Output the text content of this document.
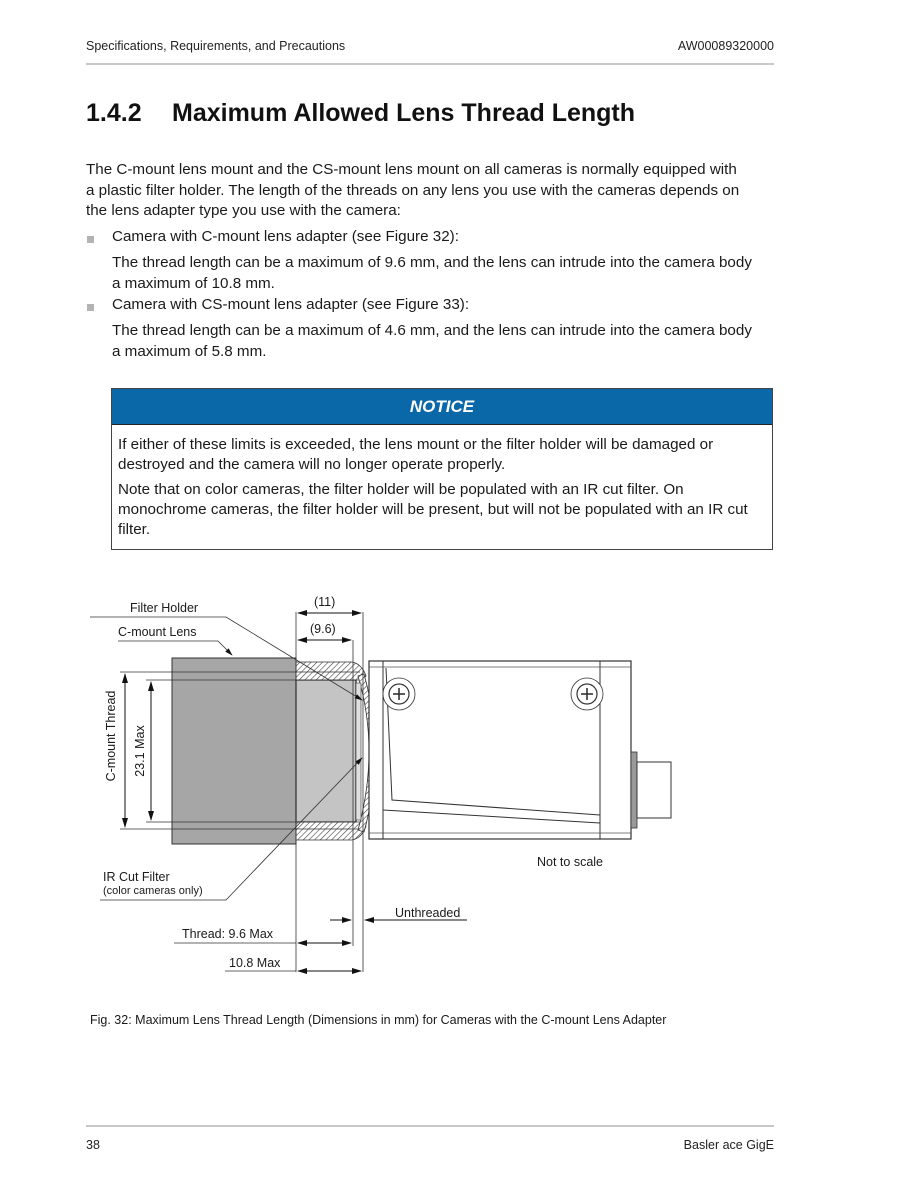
Specifications, Requirements, and Precautions	AW00089320000
1.4.2 Maximum Allowed Lens Thread Length
The C-mount lens mount and the CS-mount lens mount on all cameras is normally equipped with
a plastic filter holder. The length of the threads on any lens you use with the cameras depends on
the lens adapter type you use with the camera:
Camera with C-mount lens adapter (see Figure 32):
The thread length can be a maximum of 9.6 mm, and the lens can intrude into the camera body
a maximum of 10.8 mm.
Camera with CS-mount lens adapter (see Figure 33):
The thread length can be a maximum of 4.6 mm, and the lens can intrude into the camera body
a maximum of 5.8 mm.
NOTICE

If either of these limits is exceeded, the lens mount or the filter holder will be damaged or destroyed and the camera will no longer operate properly.

Note that on color cameras, the filter holder will be populated with an IR cut filter. On monochrome cameras, the filter holder will be present, but will not be populated with an IR cut filter.

Filter Holder
C-mount Lens
(11)
(9.6)
C-mount Thread 23.1 Max
IR Cut Filter
(color cameras only)
Unthreaded
Thread: 9.6 Max
10.8 Max
Not to scale
Fig. 32: Maximum Lens Thread Length (Dimensions in mm) for Cameras with the C-mount Lens Adapter
38	Basler ace GigE
